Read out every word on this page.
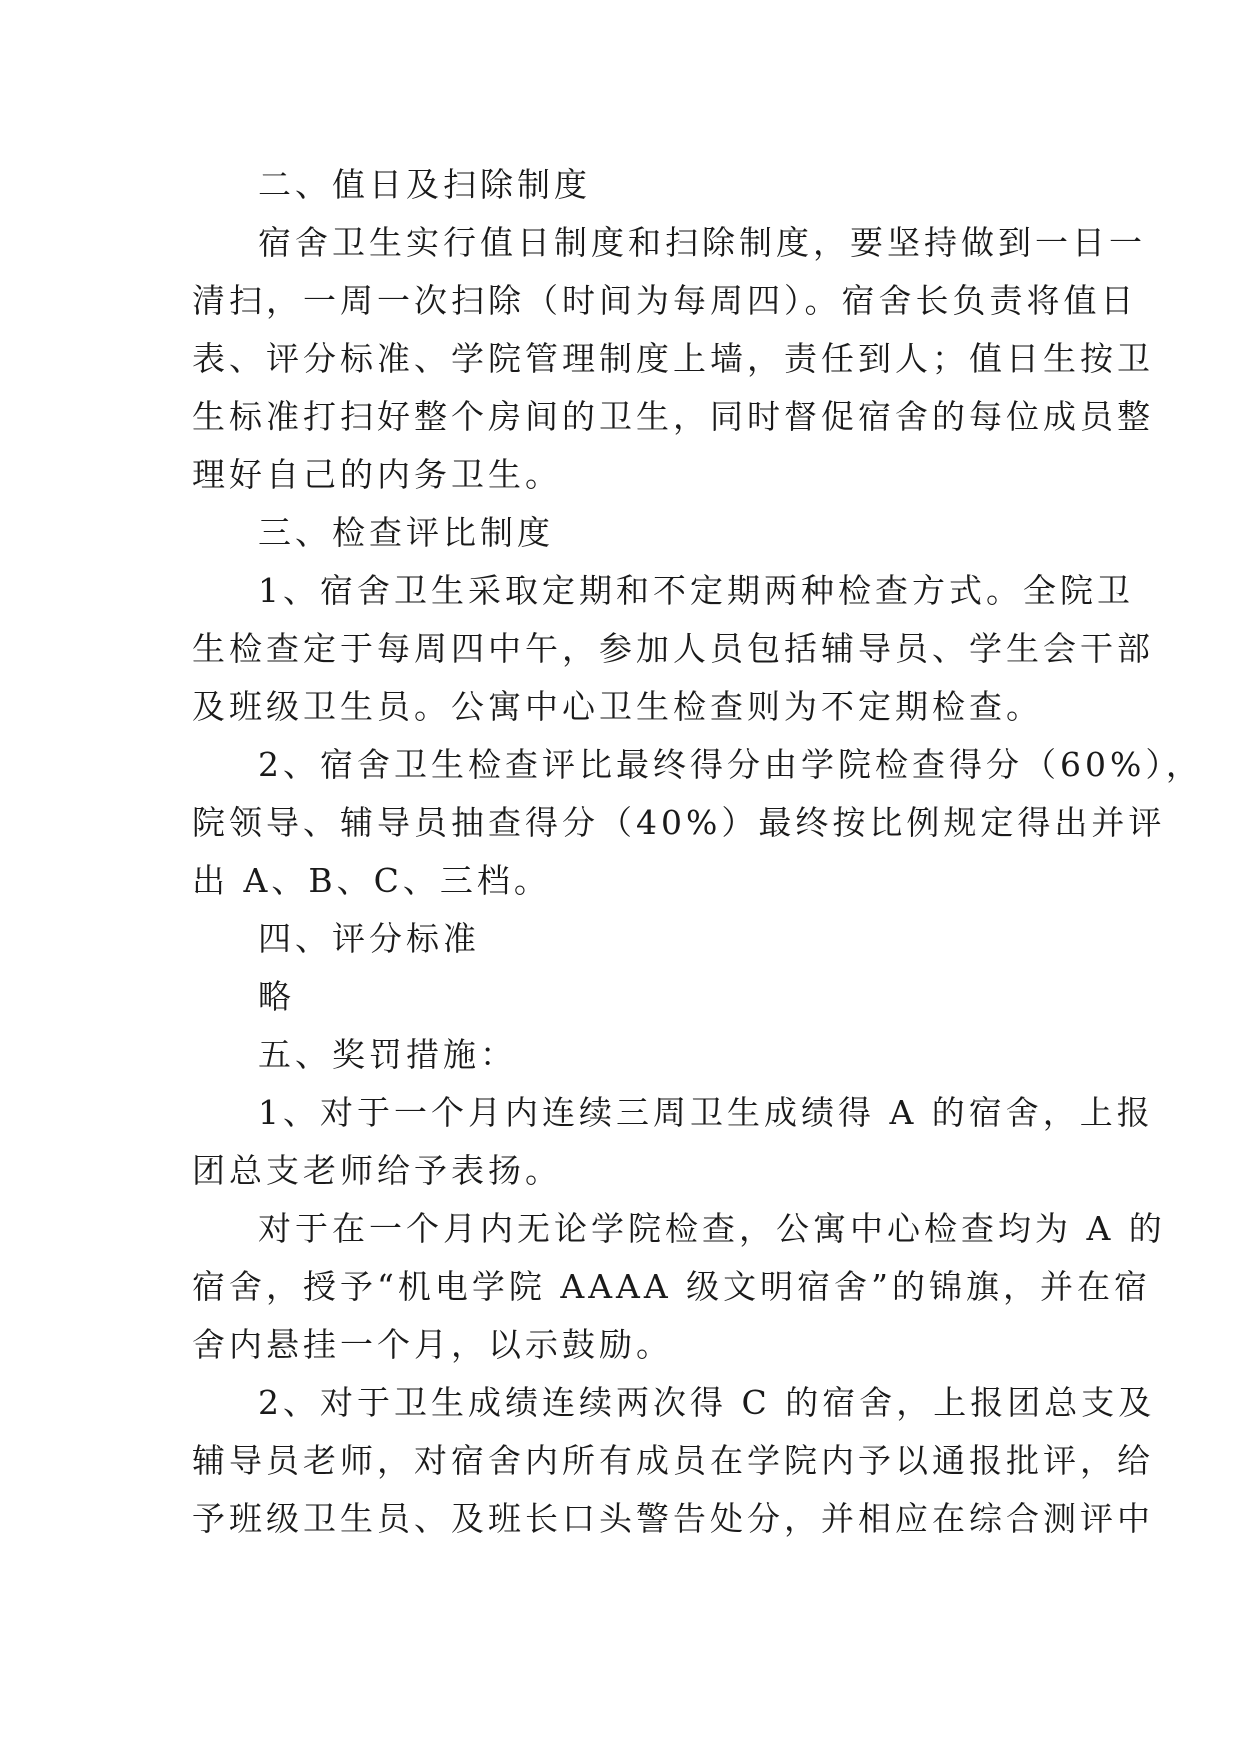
二、值日及扫除制度
宿舍卫生实行值日制度和扫除制度，要坚持做到一日一
清扫，一周一次扫除（时间为每周四）。宿舍长负责将值日
表、评分标准、学院管理制度上墙，责任到人；值日生按卫
生标准打扫好整个房间的卫生，同时督促宿舍的每位成员整
理好自己的内务卫生。
三、检查评比制度
1、宿舍卫生采取定期和不定期两种检查方式。全院卫
生检查定于每周四中午，参加人员包括辅导员、学生会干部
及班级卫生员。公寓中心卫生检查则为不定期检查。
2、宿舍卫生检查评比最终得分由学院检查得分（60%），
院领导、辅导员抽查得分（40%）最终按比例规定得出并评
出 A、B、C、三档。
四、评分标准
略
五、奖罚措施：
1、对于一个月内连续三周卫生成绩得 A 的宿舍，上报
团总支老师给予表扬。
对于在一个月内无论学院检查，公寓中心检查均为 A 的
宿舍，授予“机电学院 AAAA 级文明宿舍”的锦旗，并在宿
舍内悬挂一个月，以示鼓励。
2、对于卫生成绩连续两次得 C 的宿舍，上报团总支及
辅导员老师，对宿舍内所有成员在学院内予以通报批评，给
予班级卫生员、及班长口头警告处分，并相应在综合测评中
